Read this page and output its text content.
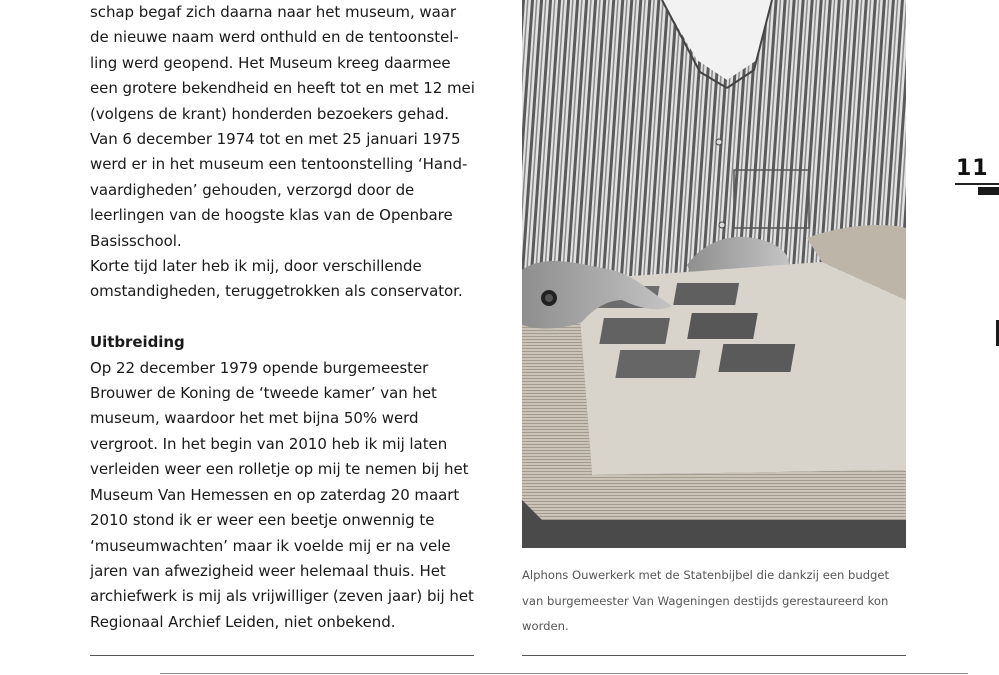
schap begaf zich daarna naar het museum, waar
de nieuwe naam werd onthuld en de tentoonstel-
ling werd geopend. Het Museum kreeg daarmee
een grotere bekendheid en heeft tot en met 12 mei
(volgens de krant) honderden bezoekers gehad.
Van 6 december 1974 tot en met 25 januari 1975
werd er in het museum een tentoonstelling ‘Hand-
vaardigheden’ gehouden, verzorgd door de
leerlingen van de hoogste klas van de Openbare
Basisschool.
Korte tijd later heb ik mij, door verschillende
omstandigheden, teruggetrokken als conservator.
Uitbreiding
Op 22 december 1979 opende burgemeester
Brouwer de Koning de ‘tweede kamer’ van het
museum, waardoor het met bijna 50% werd
vergroot. In het begin van 2010 heb ik mij laten
verleiden weer een rolletje op mij te nemen bij het
Museum Van Hemessen en op zaterdag 20 maart
2010 stond ik er weer een beetje onwennig te
‘museumwachten’ maar ik voelde mij er na vele
jaren van afwezigheid weer helemaal thuis. Het
archiefwerk is mij als vrijwilliger (zeven jaar) bij het
Regionaal Archief Leiden, niet onbekend.

Alphons Ouwerkerk met de Statenbijbel die dankzij een budget
van burgemeester Van Wageningen destijds gerestaureerd kon
worden.
11
